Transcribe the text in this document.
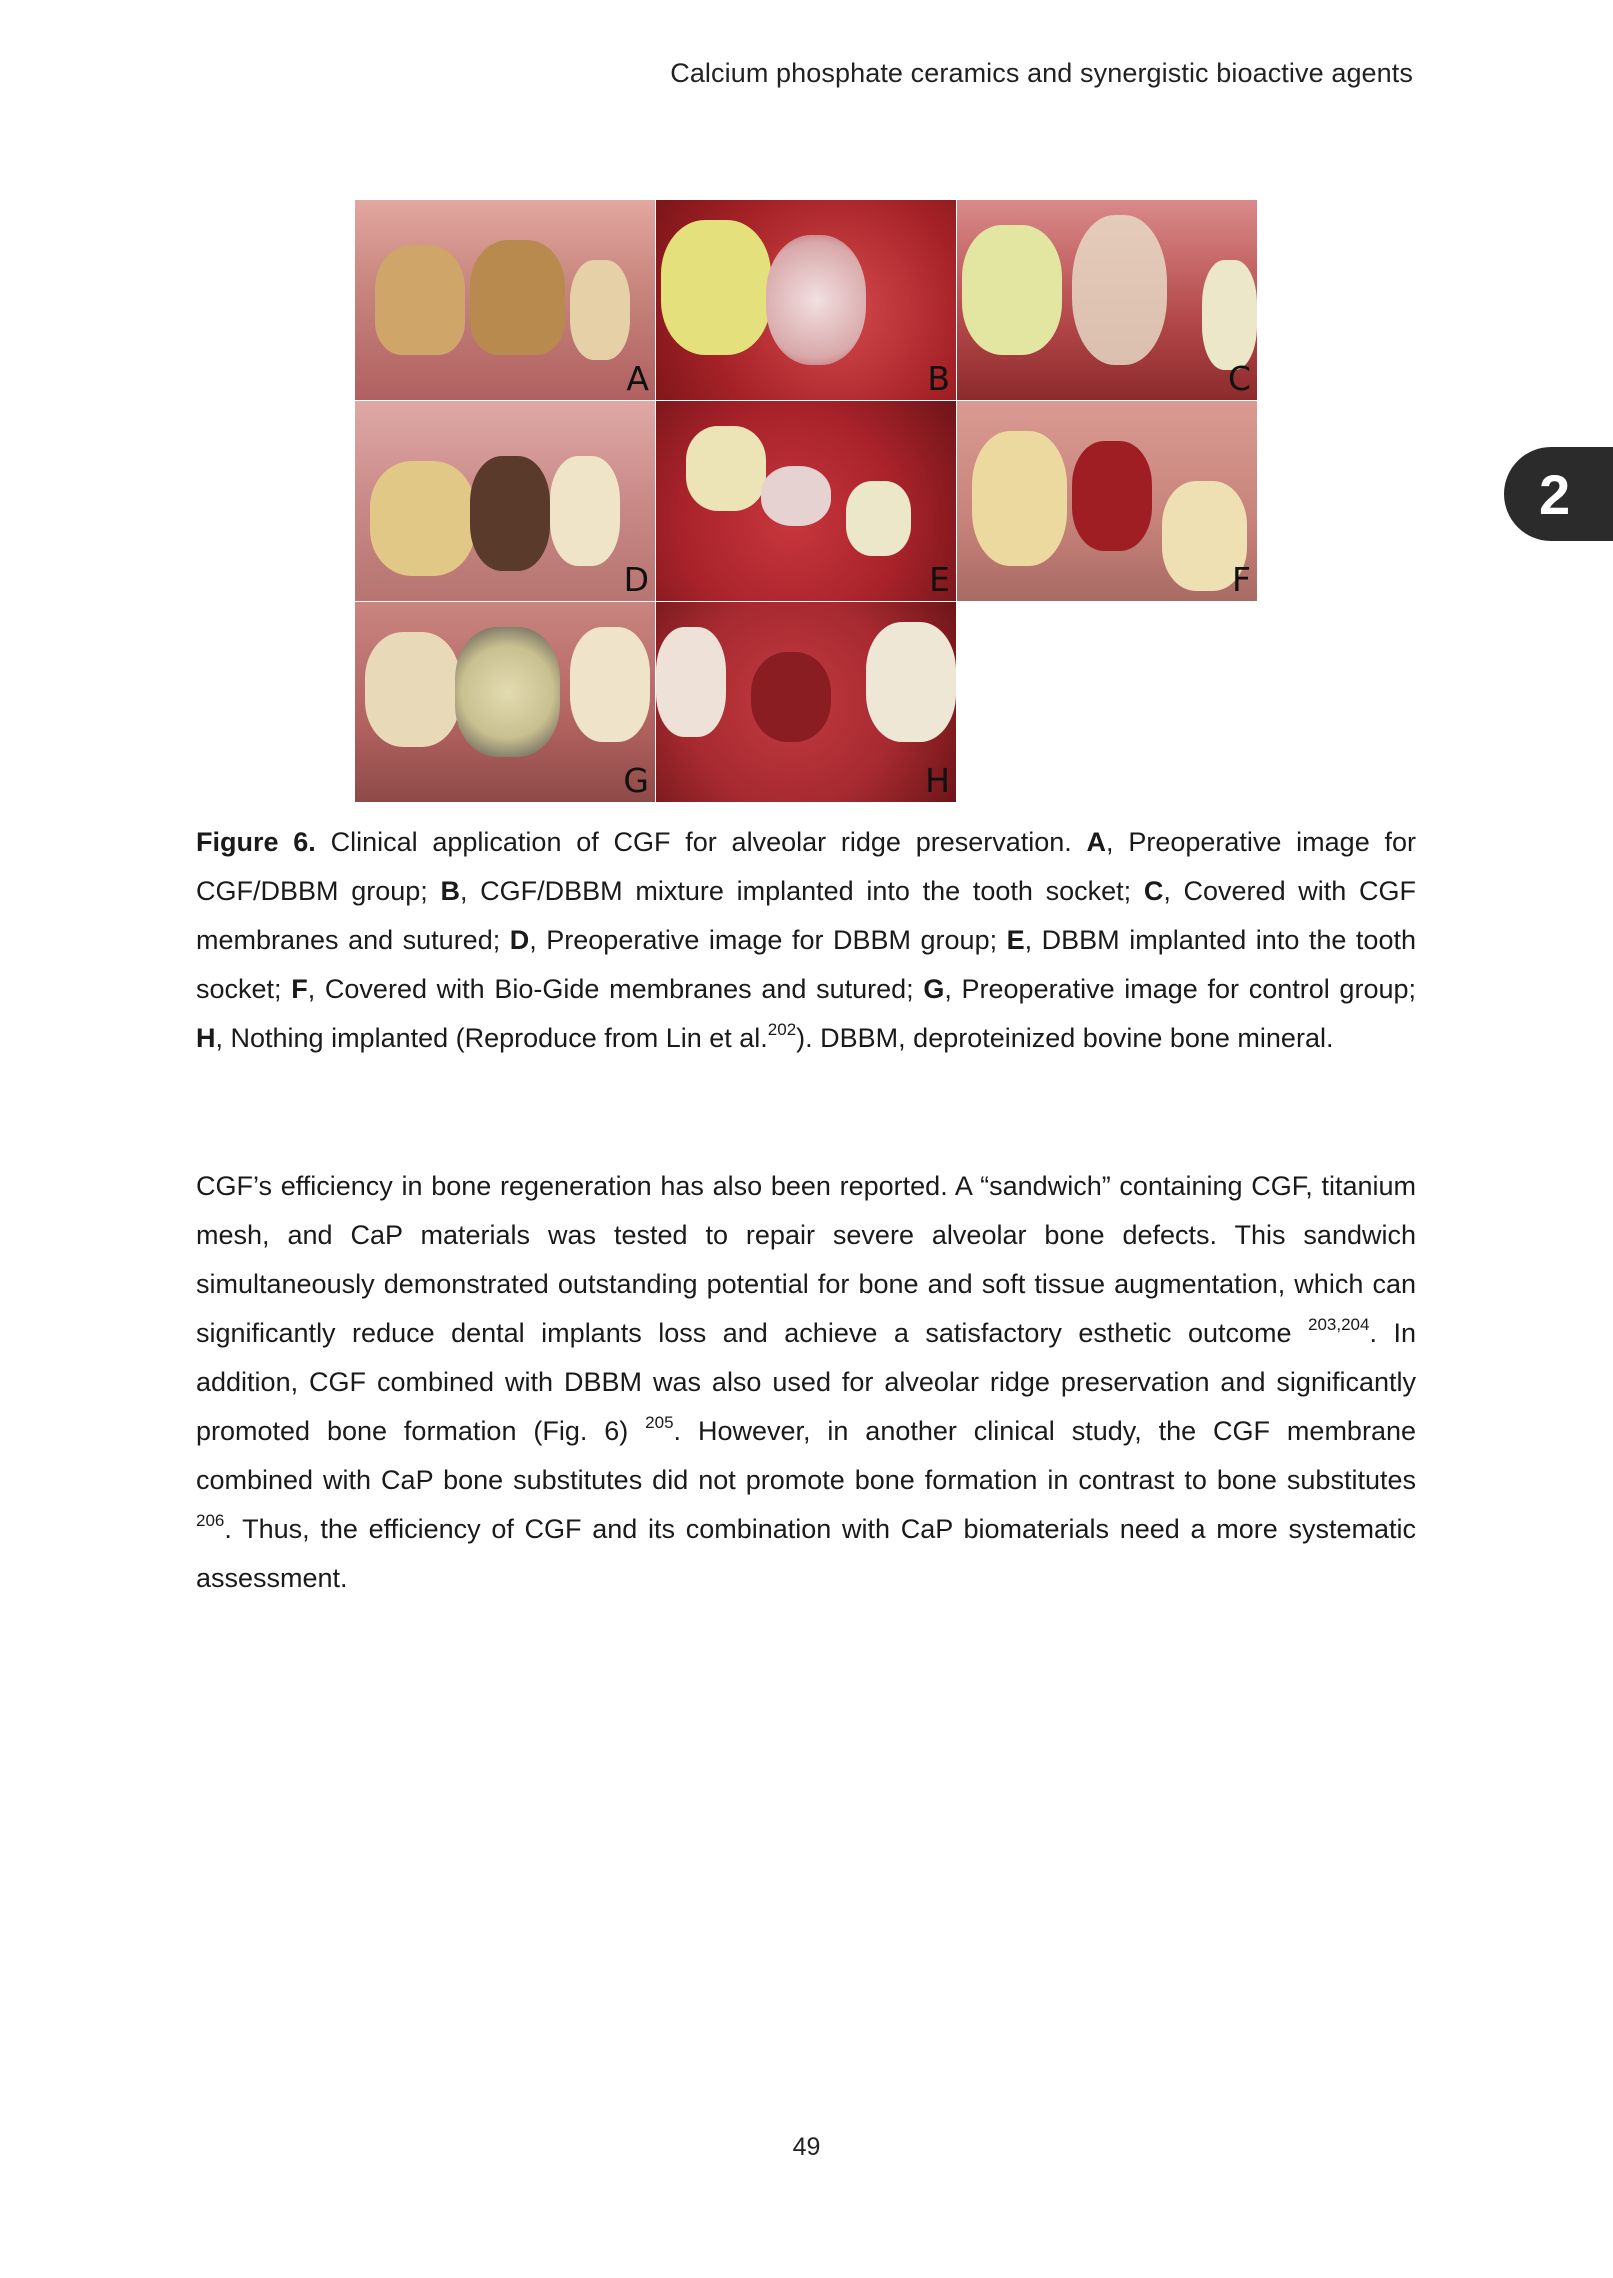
Calcium phosphate ceramics and synergistic bioactive agents
2
A	B	C
D	E	F
G	H

Figure 6. Clinical application of CGF for alveolar ridge preservation. A, Preoperative image for CGF/DBBM group; B, CGF/DBBM mixture implanted into the tooth socket; C, Covered with CGF membranes and sutured; D, Preoperative image for DBBM group; E, DBBM implanted into the tooth socket; F, Covered with Bio-Gide membranes and sutured; G, Preoperative image for control group; H, Nothing implanted (Reproduce from Lin et al.$^{202}$). DBBM, deproteinized bovine bone mineral.

CGF’s efficiency in bone regeneration has also been reported. A “sandwich” containing CGF, titanium mesh, and CaP materials was tested to repair severe alveolar bone defects. This sandwich simultaneously demonstrated outstanding potential for bone and soft tissue augmentation, which can significantly reduce dental implants loss and achieve a satisfactory esthetic outcome $^{203,204}$. In addition, CGF combined with DBBM was also used for alveolar ridge preservation and significantly promoted bone formation (Fig. 6) $^{205}$. However, in another clinical study, the CGF membrane combined with CaP bone substitutes did not promote bone formation in contrast to bone substitutes $^{206}$. Thus, the efficiency of CGF and its combination with CaP biomaterials need a more systematic assessment.

49
